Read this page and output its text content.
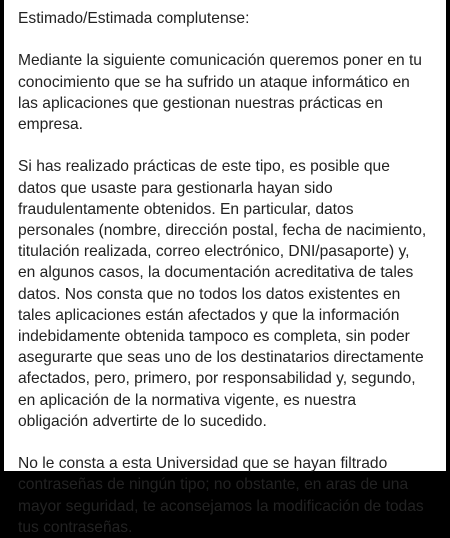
Estimado/Estimada complutense:
Mediante la siguiente comunicación queremos poner en tu
conocimiento que se ha sufrido un ataque informático en
las aplicaciones que gestionan nuestras prácticas en
empresa.
Si has realizado prácticas de este tipo, es posible que
datos que usaste para gestionarla hayan sido
fraudulentamente obtenidos. En particular, datos
personales (nombre, dirección postal, fecha de nacimiento,
titulación realizada, correo electrónico, DNI/pasaporte) y,
en algunos casos, la documentación acreditativa de tales
datos. Nos consta que no todos los datos existentes en
tales aplicaciones están afectados y que la información
indebidamente obtenida tampoco es completa, sin poder
asegurarte que seas uno de los destinatarios directamente
afectados, pero, primero, por responsabilidad y, segundo,
en aplicación de la normativa vigente, es nuestra
obligación advertirte de lo sucedido.
No le consta a esta Universidad que se hayan filtrado
contraseñas de ningún tipo; no obstante, en aras de una
mayor seguridad, te aconsejamos la modificación de todas
tus contraseñas.
